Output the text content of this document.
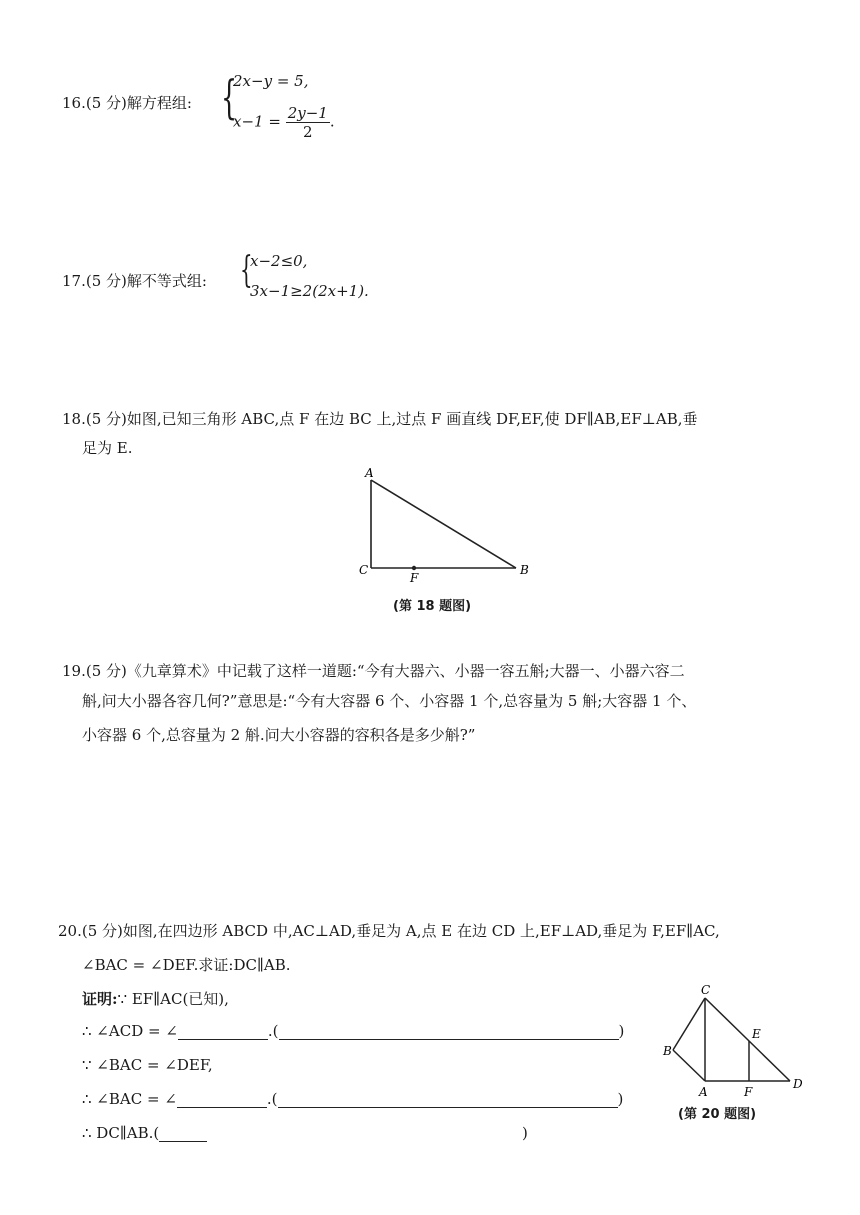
16.(5 分)解方程组: {
2x−y = 5,
$x-1 = \frac{2y-1}{2}$ .
17.(5 分)解不等式组: {
x−2≤0,
3x−1≥2(2x+1).
18.(5 分)如图,已知三角形 ABC,点 F 在边 BC 上,过点 F 画直线 DF,EF,使 DF∥AB,EF⊥AB,垂
足为 E.
A
C
F
B
(第 18 题图)
19.(5 分)《九章算术》中记载了这样一道题:“今有大器六、小器一容五斛;大器一、小器六容二
斛,问大小器各容几何?”意思是:“今有大容器 6 个、小容器 1 个,总容量为 5 斛;大容器 1 个、
小容器 6 个,总容量为 2 斛.问大小容器的容积各是多少斛?”
20.(5 分)如图,在四边形 ABCD 中,AC⊥AD,垂足为 A,点 E 在边 CD 上,EF⊥AD,垂足为 F,EF∥AC,
∠BAC = ∠DEF.求证:DC∥AB.
证明:∵ EF∥AC(已知),
∴ ∠ACD = ∠	.(	)
∵ ∠BAC = ∠DEF,
∴ ∠BAC = ∠	.(	)
∴ DC∥AB.(	)
C
B
E
D
A	F
(第 20 题图)
